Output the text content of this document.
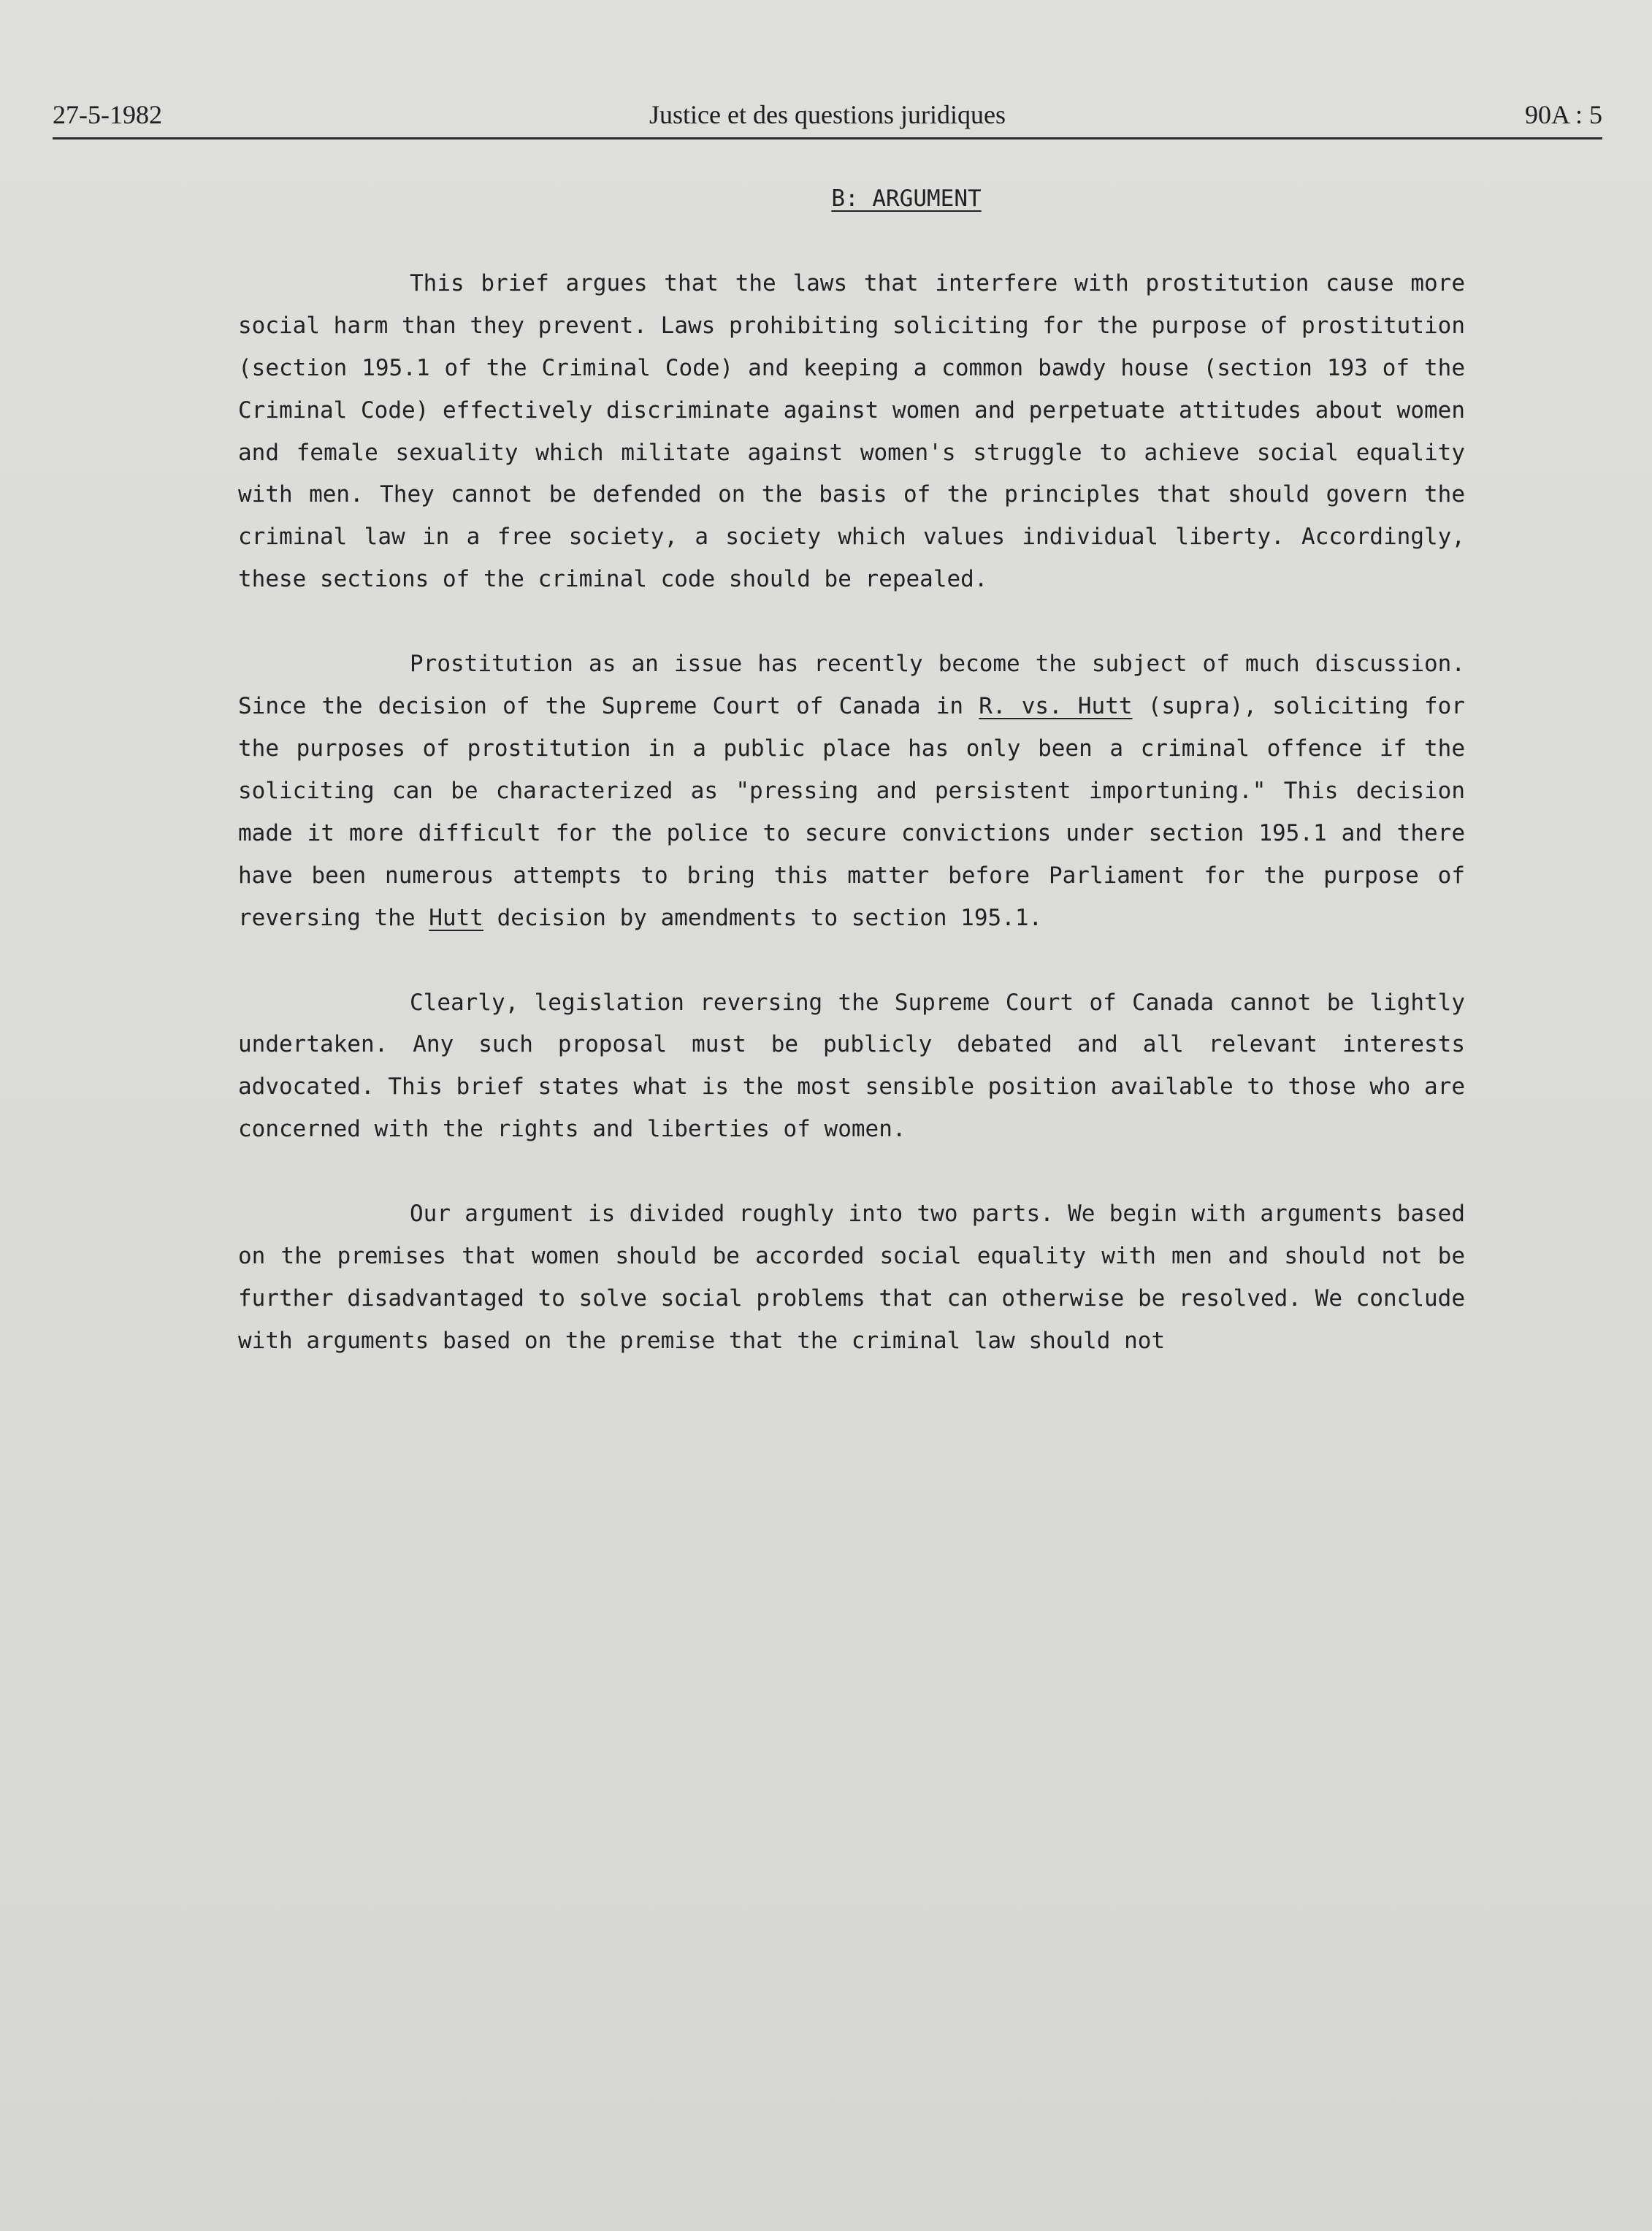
27-5-1982	Justice et des questions juridiques	90A : 5
B: ARGUMENT

This brief argues that the laws that interfere with prostitution cause more social harm than they prevent. Laws prohibiting soliciting for the purpose of prostitution (section 195.1 of the Criminal Code) and keeping a common bawdy house (section 193 of the Criminal Code) effectively discriminate against women and perpetuate attitudes about women and female sexuality which militate against women's struggle to achieve social equality with men. They cannot be defended on the basis of the principles that should govern the criminal law in a free society, a society which values individual liberty. Accordingly, these sections of the criminal code should be repealed.

Prostitution as an issue has recently become the subject of much discussion. Since the decision of the Supreme Court of Canada in R. vs. Hutt (supra), soliciting for the purposes of prostitution in a public place has only been a criminal offence if the soliciting can be characterized as "pressing and persistent importuning." This decision made it more difficult for the police to secure convictions under section 195.1 and there have been numerous attempts to bring this matter before Parliament for the purpose of reversing the Hutt decision by amendments to section 195.1.

Clearly, legislation reversing the Supreme Court of Canada cannot be lightly undertaken. Any such proposal must be publicly debated and all relevant interests advocated. This brief states what is the most sensible position available to those who are concerned with the rights and liberties of women.

Our argument is divided roughly into two parts. We begin with arguments based on the premises that women should be accorded social equality with men and should not be further disadvantaged to solve social problems that can otherwise be resolved. We conclude with arguments based on the premise that the criminal law should not
